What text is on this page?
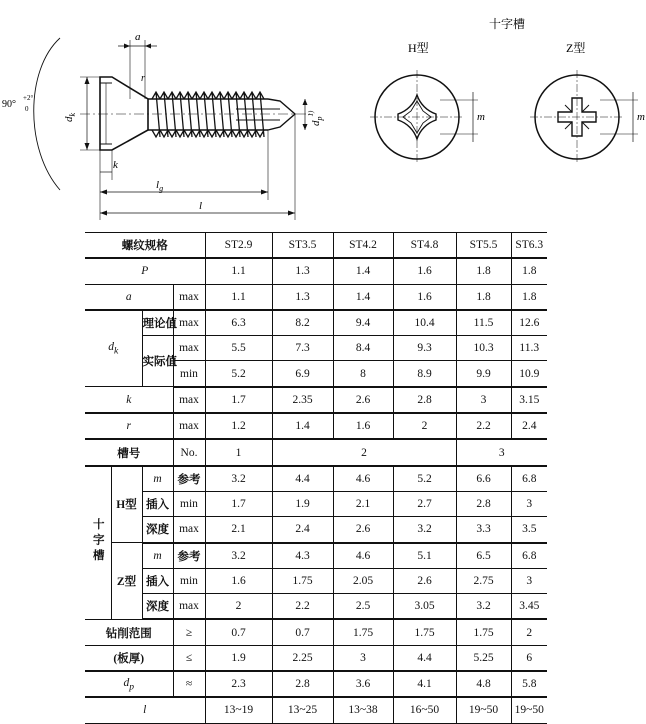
a
r
90°
+2°
0
$d_k$
$d_p^{1)}$
k
$l_g$
l
十字槽
H型	Z型
m	m
螺纹规格				ST2.9	ST3.5	ST4.2	ST4.8	ST5.5	ST6.3
P				1.1	1.3	1.4	1.6	1.8	1.8
a			max	1.1	1.3	1.4	1.6	1.8	1.8
$d_k$		理论值	max	6.3	8.2	9.4	10.4	11.5	12.6
		实际值	max	5.5	7.3	8.4	9.3	10.3	11.3
			min	5.2	6.9	8	8.9	9.9	10.9
k			max	1.7	2.35	2.6	2.8	3	3.15
r			max	1.2	1.4	1.6	2	2.2	2.4
槽号			No.	1	2			3	
十字槽	H型	m	参考	3.2	4.4	4.6	5.2	6.6	6.8
		插入	min	1.7	1.9	2.1	2.7	2.8	3
		深度	max	2.1	2.4	2.6	3.2	3.3	3.5
	Z型	m	参考	3.2	4.3	4.6	5.1	6.5	6.8
		插入	min	1.6	1.75	2.05	2.6	2.75	3
		深度	max	2	2.2	2.5	3.05	3.2	3.45
钻削范围			≥	0.7	0.7	1.75	1.75	1.75	2
(板厚)			≤	1.9	2.25	3	4.4	5.25	6
$d_p$			≈	2.3	2.8	3.6	4.1	4.8	5.8
l				13~19	13~25	13~38	16~50	19~50	19~50
